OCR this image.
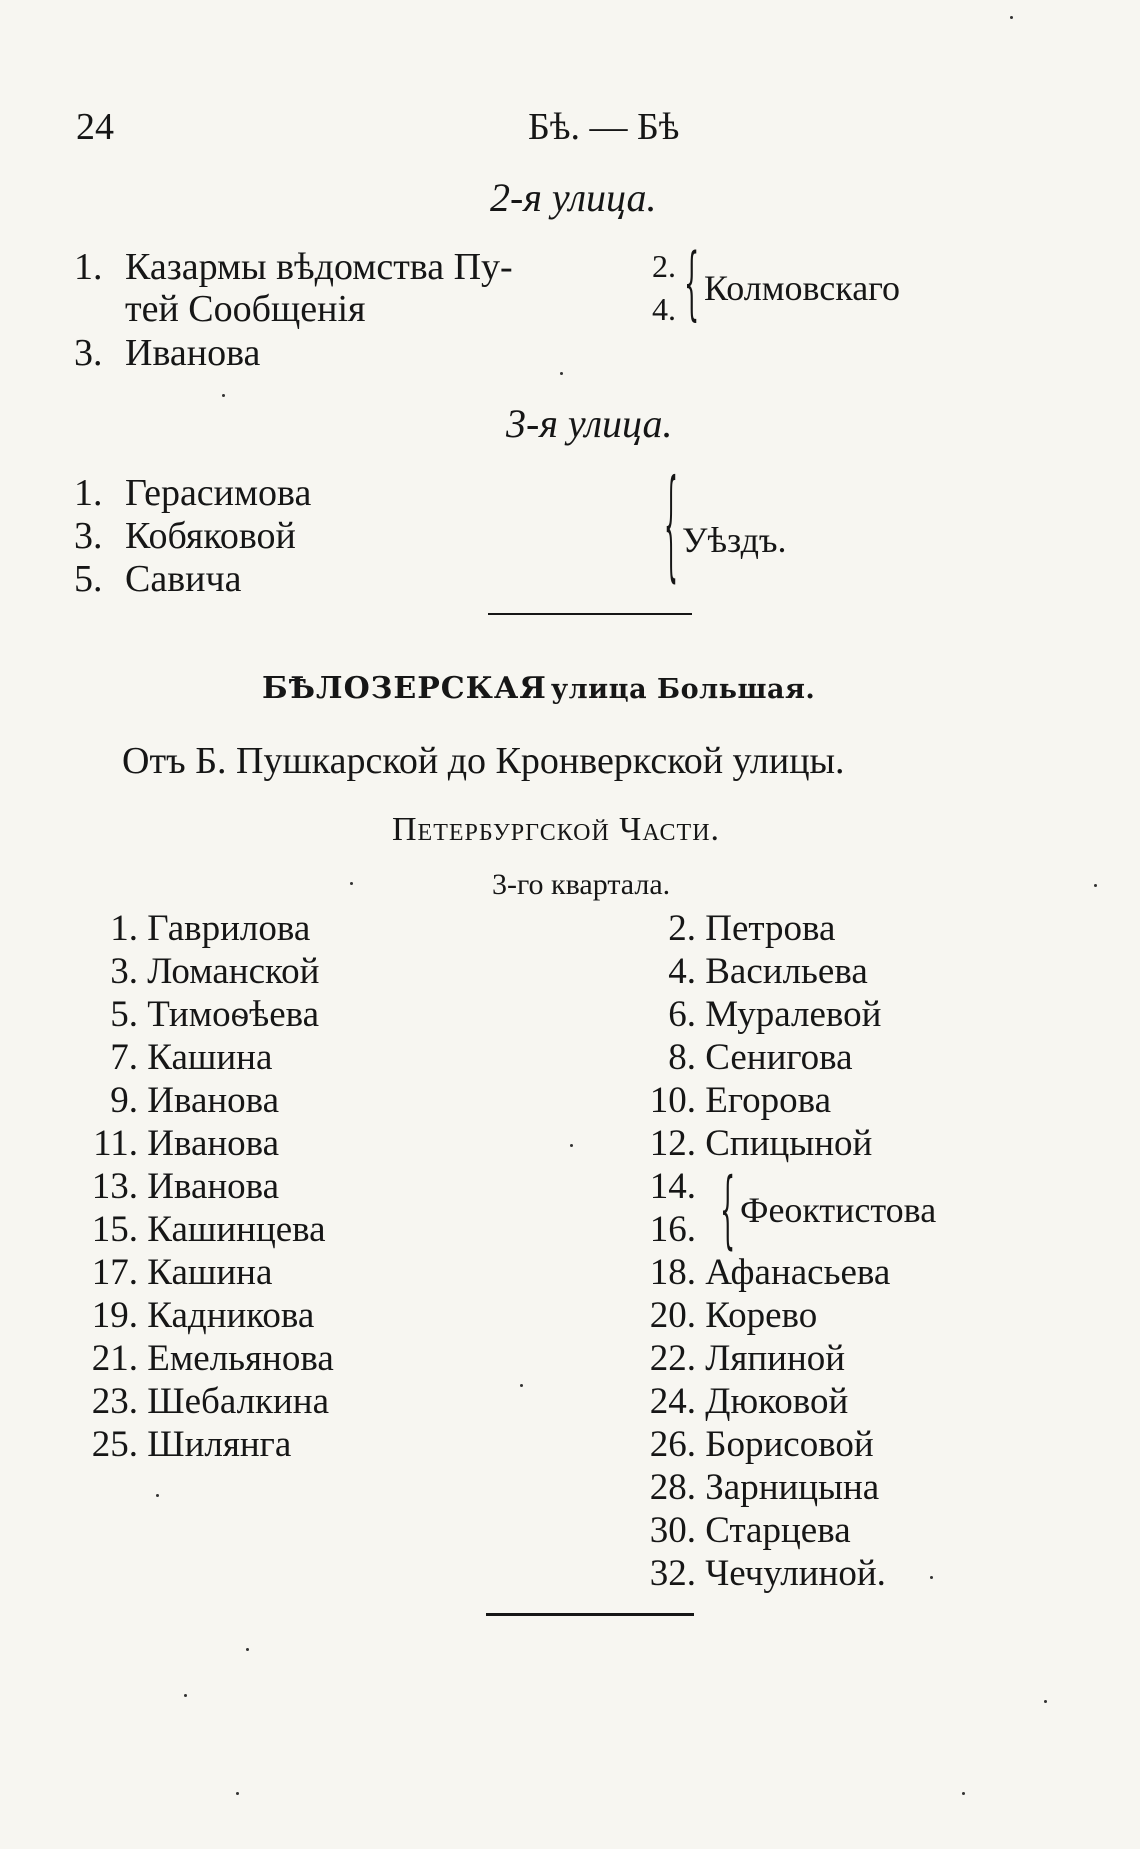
24	Бѣ. — Бѣ
2-я улица.
1. Казармы вѣдомства Пу-
тей Сообщенія
3. Иванова
2.
4. { Колмовскаго
3-я улица.
1. Герасимова
3. Кобяковой
5. Савича	{ Уѣздъ.
БѢЛОЗЕРСКАЯ улица Большая.
Отъ Б. Пушкарской до Кронверкской улицы.
Петербургской Части.
3-го квартала.
1. Гаврилова
3. Ломанской
5. Тимоѳѣева
7. Кашина
9. Иванова
11. Иванова
13. Иванова
15. Кашинцева
17. Кашина
19. Кадникова
21. Емельянова
23. Шебалкина
25. Шилянга
2. Петрова
4. Васильева
6. Муралевой
8. Сенигова
10. Егорова
12. Спицыной
14.
16.
18. Афанасьева
20. Корево
22. Ляпиной
24. Дюковой
26. Борисовой
28. Зарницына
30. Старцева
32. Чечулиной.
{ Феоктистова
